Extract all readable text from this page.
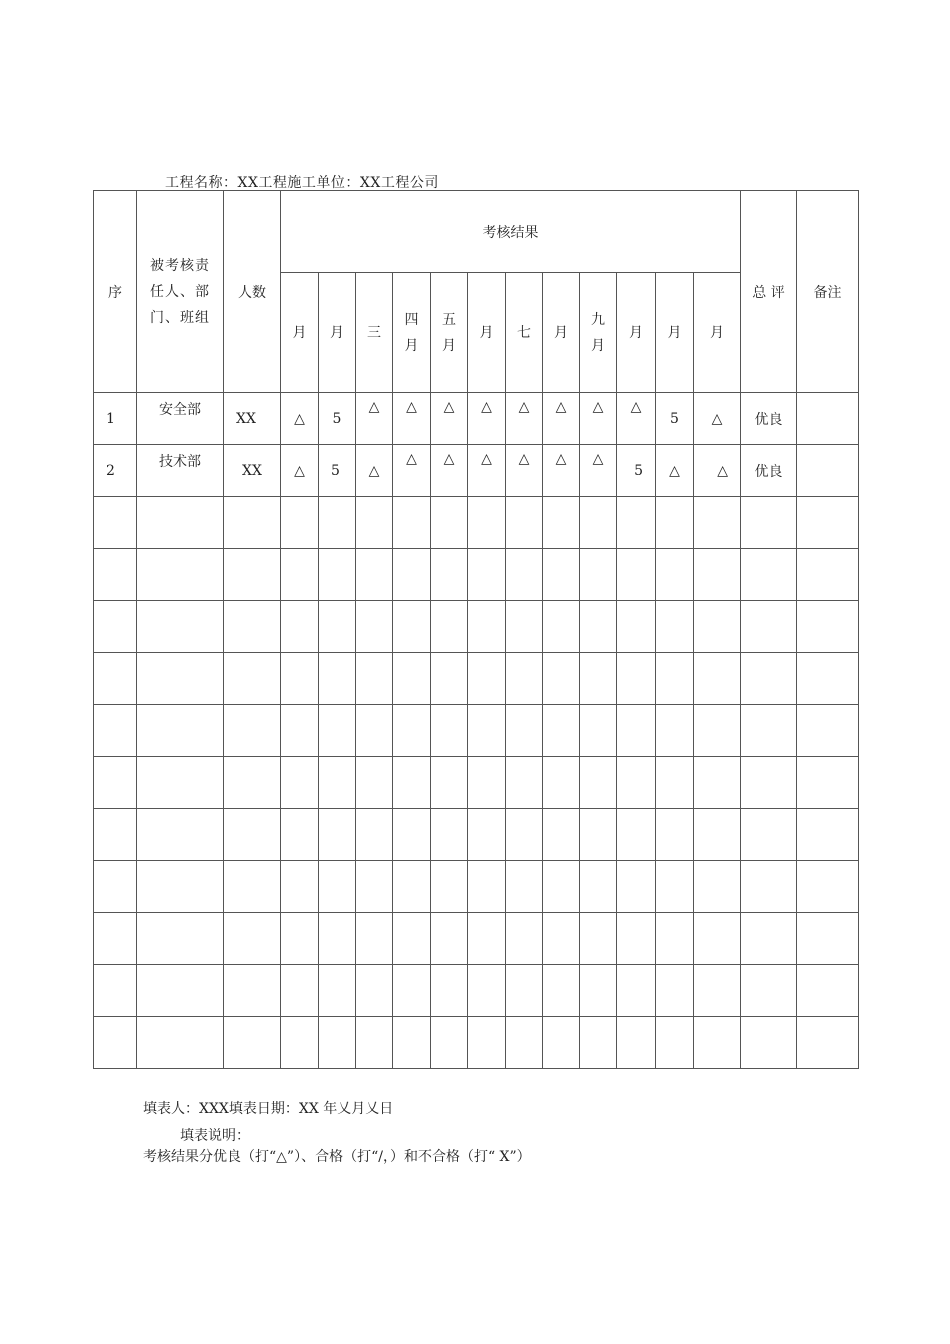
工程名称：XX工程施工单位：XX工程公司
序	被考核责任人、部门、班组	人数	考核结果												总 评	备注
			月	月	三	四月	五月	月	七	月	九月	月	月	月		
1	安全部	XX	△	5	△	△	△	△	△	△	△	△	5	△	优良	
2	技术部	XX	△	5	△	△	△	△	△	△	△	5	△	△	优良	

填表人：XXX填表日期：XX 年乂月乂日
填表说明：
考核结果分优良（打“△”）、合格（打“/，）和不合格（打“ X”）
